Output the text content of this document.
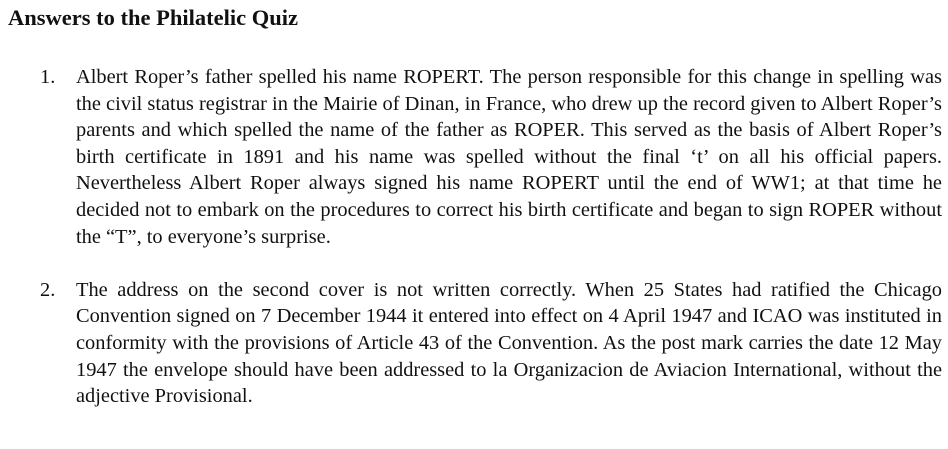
Answers to the Philatelic Quiz
1. Albert Roper’s father spelled his name ROPERT. The person responsible for this change in spelling was the civil status registrar in the Mairie of Dinan, in France, who drew up the record given to Albert Roper’s parents and which spelled the name of the father as ROPER. This served as the basis of Albert Roper’s birth certificate in 1891 and his name was spelled without the final ‘t’ on all his official papers. Nevertheless Albert Roper always signed his name ROPERT until the end of WW1; at that time he decided not to embark on the procedures to correct his birth certificate and began to sign ROPER without the “T”, to everyone’s surprise.
2. The address on the second cover is not written correctly. When 25 States had ratified the Chicago Convention signed on 7 December 1944 it entered into effect on 4 April 1947 and ICAO was instituted in conformity with the provisions of Article 43 of the Convention. As the post mark carries the date 12 May 1947 the envelope should have been addressed to la Organizacion de Aviacion International, without the adjective Provisional.
